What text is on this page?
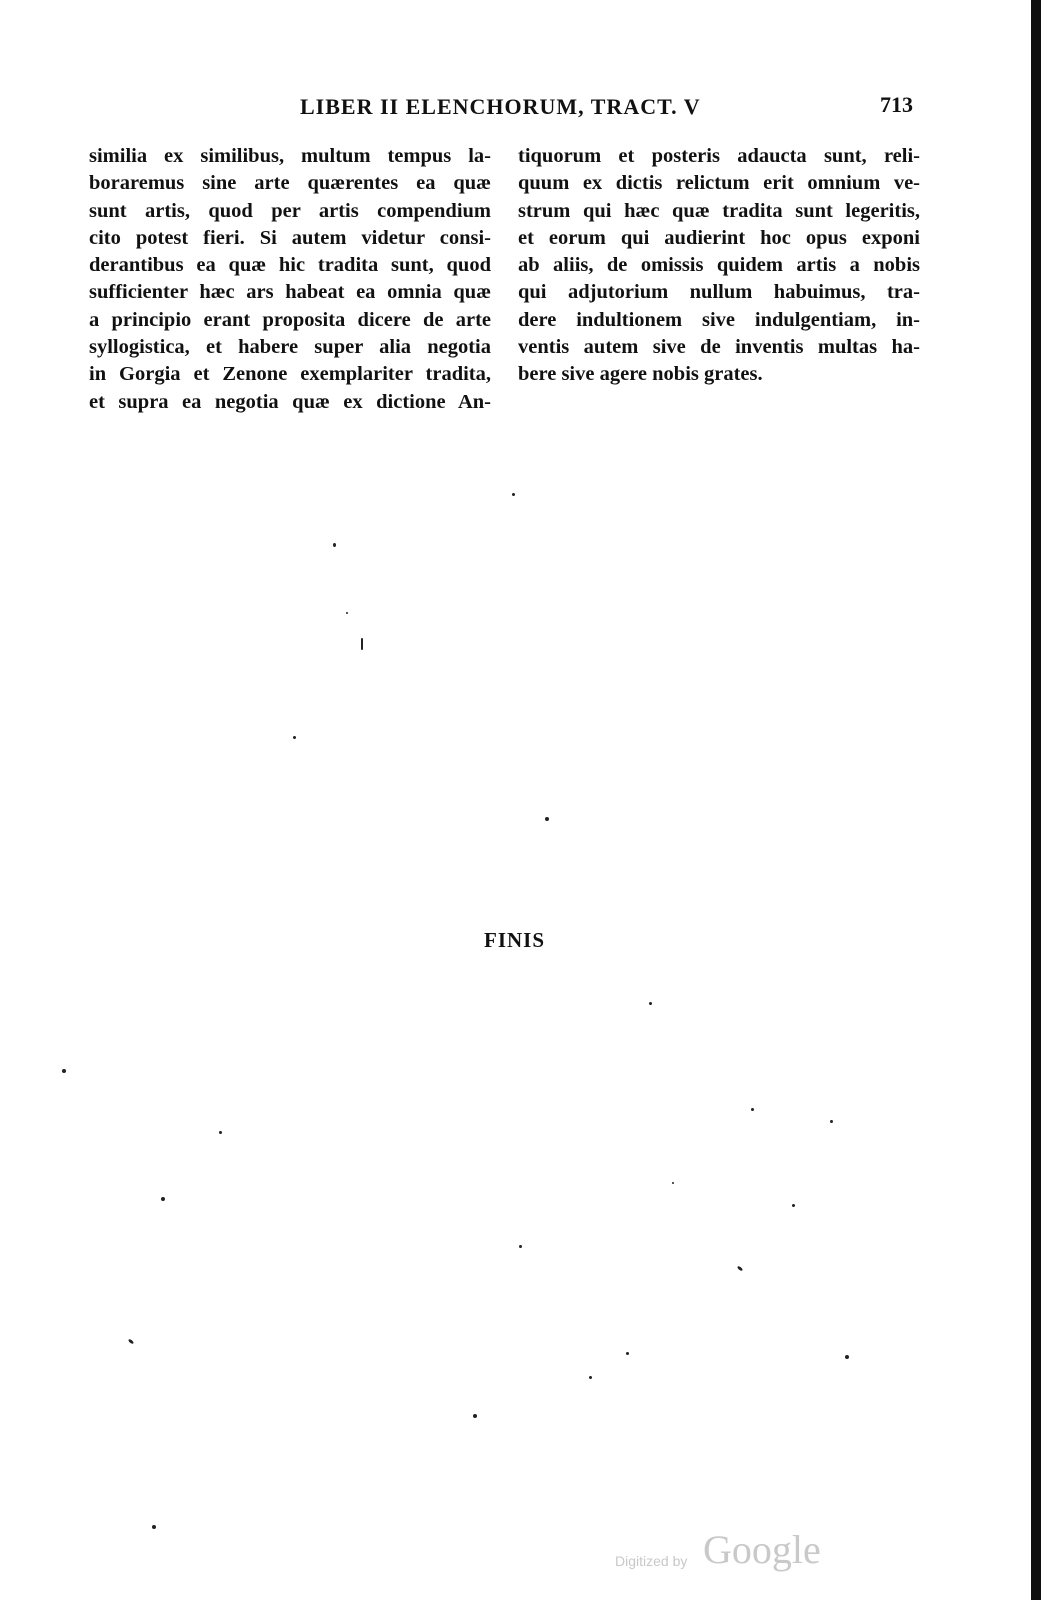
LIBER II ELENCHORUM, TRACT. V	713
similia ex similibus, multum tempus la-
boraremus sine arte quærentes ea quæ
sunt artis, quod per artis compendium
cito potest fieri. Si autem videtur consi-
derantibus ea quæ hic tradita sunt, quod
sufficienter hæc ars habeat ea omnia quæ
a principio erant proposita dicere de arte
syllogistica, et habere super alia negotia
in Gorgia et Zenone exemplariter tradita,
et supra ea negotia quæ ex dictione An-
tiquorum et posteris adaucta sunt, reli-
quum ex dictis relictum erit omnium ve-
strum qui hæc quæ tradita sunt legeritis,
et eorum qui audierint hoc opus exponi
ab aliis, de omissis quidem artis a nobis
qui adjutorium nullum habuimus, tra-
dere indultionem sive indulgentiam, in-
ventis autem sive de inventis multas ha-
bere sive agere nobis grates.
FINIS
Digitized by Google
